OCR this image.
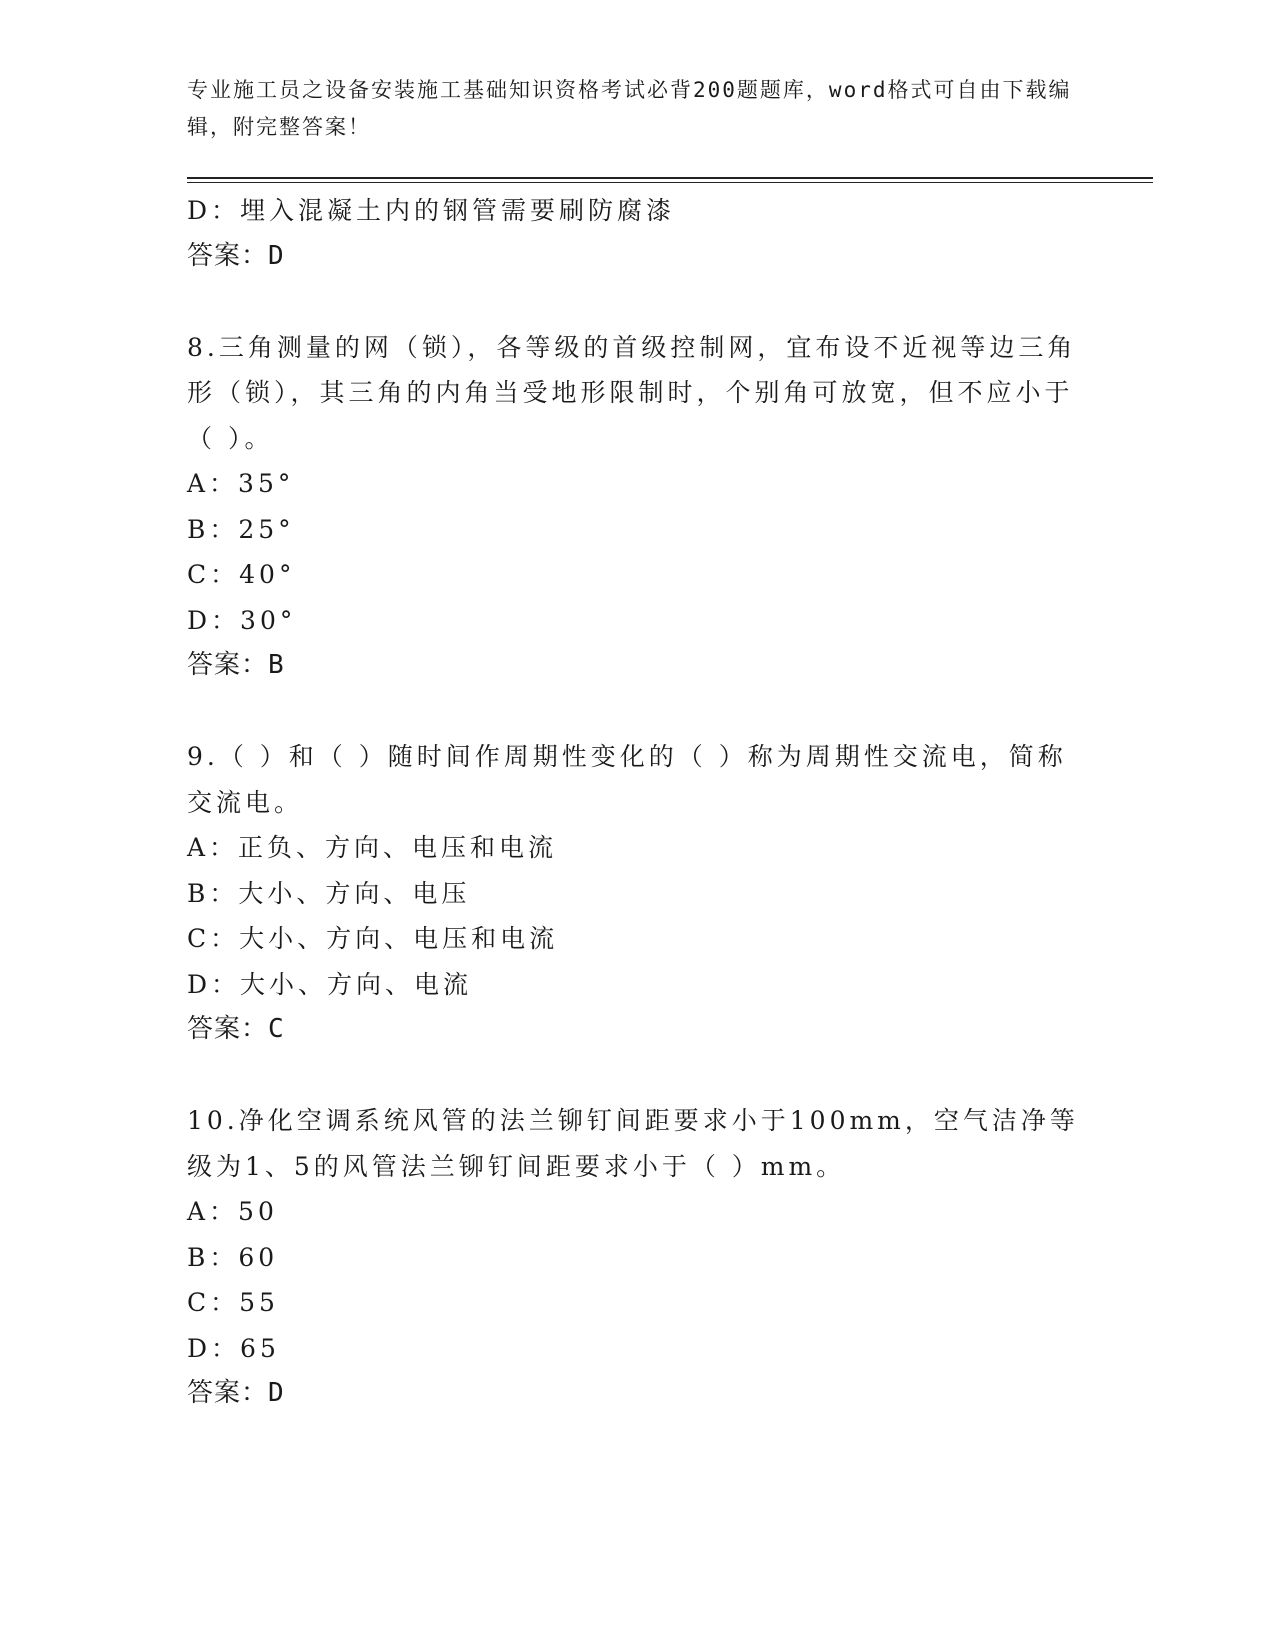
专业施工员之设备安装施工基础知识资格考试必背200题题库，word格式可自由下载编辑，附完整答案！

D：埋入混凝土内的钢管需要刷防腐漆

答案：D

8.三角测量的网（锁），各等级的首级控制网，宜布设不近视等边三角形（锁），其三角的内角当受地形限制时，个别角可放宽，但不应小于（ ）。

A：35°

B：25°

C：40°

D：30°

答案：B

9.（ ）和（ ）随时间作周期性变化的（ ）称为周期性交流电，简称交流电。

A：正负、方向、电压和电流

B：大小、方向、电压

C：大小、方向、电压和电流

D：大小、方向、电流

答案：C

10.净化空调系统风管的法兰铆钉间距要求小于100mm，空气洁净等级为1、5的风管法兰铆钉间距要求小于（ ）mm。

A：50

B：60

C：55

D：65

答案：D
